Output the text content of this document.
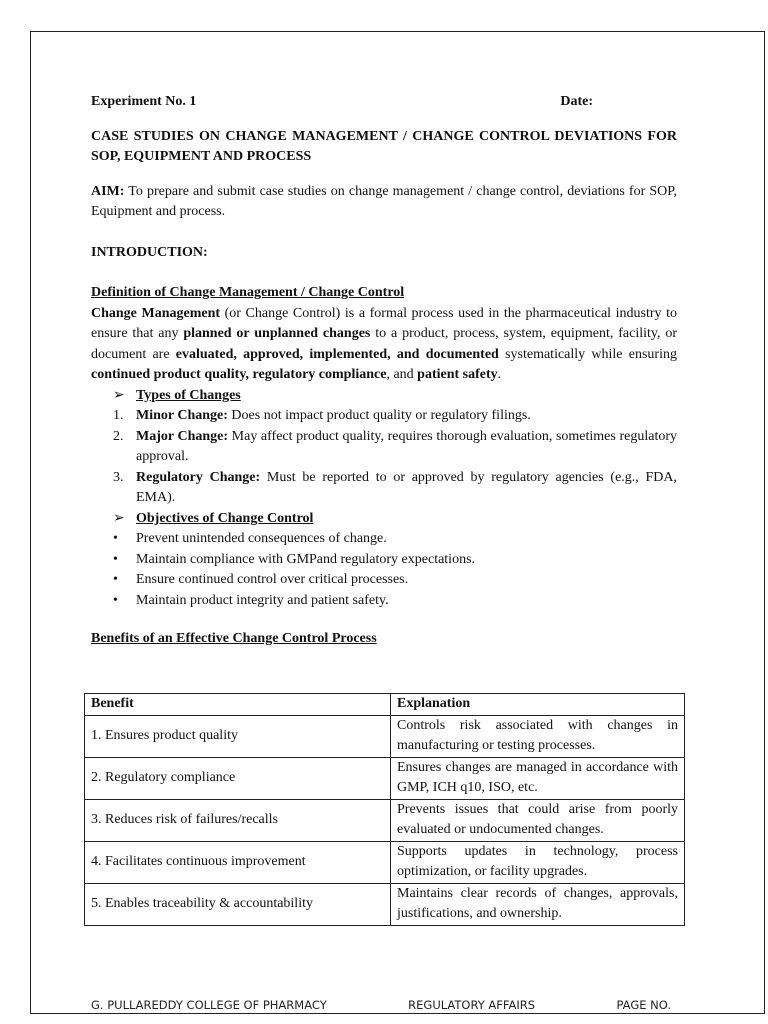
Experiment No. 1	Date:

CASE STUDIES ON CHANGE MANAGEMENT / CHANGE CONTROL DEVIATIONS FOR SOP, EQUIPMENT AND PROCESS

AIM: To prepare and submit case studies on change management / change control, deviations for SOP, Equipment and process.

INTRODUCTION:

Definition of Change Management / Change Control

Change Management (or Change Control) is a formal process used in the pharmaceutical industry to ensure that any planned or unplanned changes to a product, process, system, equipment, facility, or document are evaluated, approved, implemented, and documented systematically while ensuring continued product quality, regulatory compliance, and patient safety.

➢ Types of Changes
1. Minor Change: Does not impact product quality or regulatory filings.
2. Major Change: May affect product quality, requires thorough evaluation, sometimes regulatory approval.
3. Regulatory Change: Must be reported to or approved by regulatory agencies (e.g., FDA, EMA).
➢ Objectives of Change Control
•	Prevent unintended consequences of change.
•	Maintain compliance with GMPand regulatory expectations.
•	Ensure continued control over critical processes.
•	Maintain product integrity and patient safety.

Benefits of an Effective Change Control Process

Benefit	Explanation
1. Ensures product quality	Controls risk associated with changes in manufacturing or testing processes.
2. Regulatory compliance	Ensures changes are managed in accordance with GMP, ICH q10, ISO, etc.
3. Reduces risk of failures/recalls	Prevents issues that could arise from poorly evaluated or undocumented changes.
4. Facilitates continuous improvement	Supports updates in technology, process optimization, or facility upgrades.
5. Enables traceability & accountability	Maintains clear records of changes, approvals, justifications, and ownership.
G. PULLAREDDY COLLEGE OF PHARMACY	REGULATORY AFFAIRS	PAGE NO.
